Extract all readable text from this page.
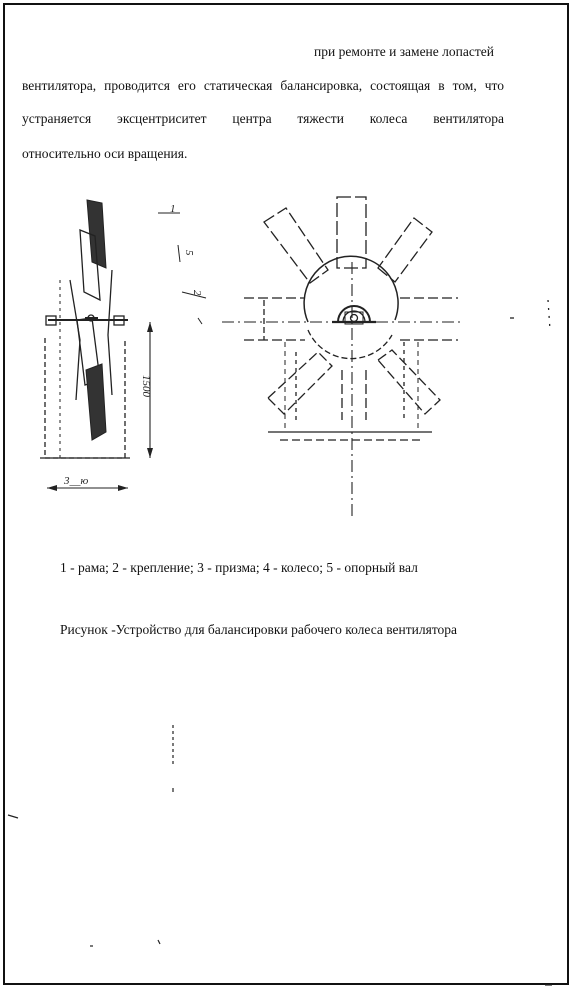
при ремонте и замене лопастей
вентилятора, проводится его статическая балансировка, состоящая в том, что
устраняется эксцентриситет центра тяжести колеса вентилятора
относительно оси вращения.
1500
3__ю
1
5
2
1 - рама; 2 - крепление; 3 - призма; 4 - колесо; 5 - опорный вал
Рисунок -Устройство для балансировки рабочего колеса вентилятора
